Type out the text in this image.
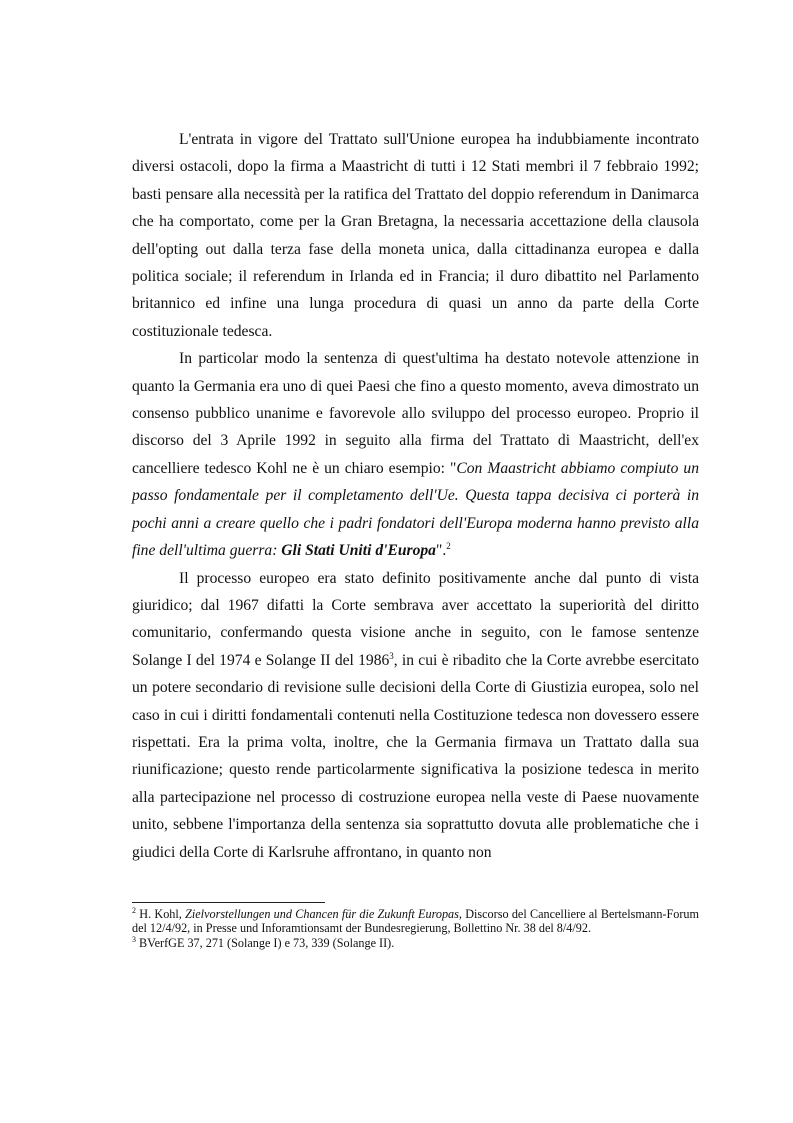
L'entrata in vigore del Trattato sull'Unione europea ha indubbiamente incontrato diversi ostacoli, dopo la firma a Maastricht di tutti i 12 Stati membri il 7 febbraio 1992; basti pensare alla necessità per la ratifica del Trattato del doppio referendum in Danimarca che ha comportato, come per la Gran Bretagna, la necessaria accettazione della clausola dell'opting out dalla terza fase della moneta unica, dalla cittadinanza europea e dalla politica sociale; il referendum in Irlanda ed in Francia; il duro dibattito nel Parlamento britannico ed infine una lunga procedura di quasi un anno da parte della Corte costituzionale tedesca.

In particolar modo la sentenza di quest'ultima ha destato notevole attenzione in quanto la Germania era uno di quei Paesi che fino a questo momento, aveva dimostrato un consenso pubblico unanime e favorevole allo sviluppo del processo europeo. Proprio il discorso del 3 Aprile 1992 in seguito alla firma del Trattato di Maastricht, dell'ex cancelliere tedesco Kohl ne è un chiaro esempio: "Con Maastricht abbiamo compiuto un passo fondamentale per il completamento dell'Ue. Questa tappa decisiva ci porterà in pochi anni a creare quello che i padri fondatori dell'Europa moderna hanno previsto alla fine dell'ultima guerra: Gli Stati Uniti d'Europa".$^2$

Il processo europeo era stato definito positivamente anche dal punto di vista giuridico; dal 1967 difatti la Corte sembrava aver accettato la superiorità del diritto comunitario, confermando questa visione anche in seguito, con le famose sentenze Solange I del 1974 e Solange II del 1986$^3$, in cui è ribadito che la Corte avrebbe esercitato un potere secondario di revisione sulle decisioni della Corte di Giustizia europea, solo nel caso in cui i diritti fondamentali contenuti nella Costituzione tedesca non dovessero essere rispettati. Era la prima volta, inoltre, che la Germania firmava un Trattato dalla sua riunificazione; questo rende particolarmente significativa la posizione tedesca in merito alla partecipazione nel processo di costruzione europea nella veste di Paese nuovamente unito, sebbene l'importanza della sentenza sia soprattutto dovuta alle problematiche che i giudici della Corte di Karlsruhe affrontano, in quanto non

$^2$ H. Kohl, Zielvorstellungen und Chancen für die Zukunft Europas, Discorso del Cancelliere al Bertelsmann-Forum del 12/4/92, in Presse und Inforamtionsamt der Bundesregierung, Bollettino Nr. 38 del 8/4/92.

$^3$ BVerfGE 37, 271 (Solange I) e 73, 339 (Solange II).
